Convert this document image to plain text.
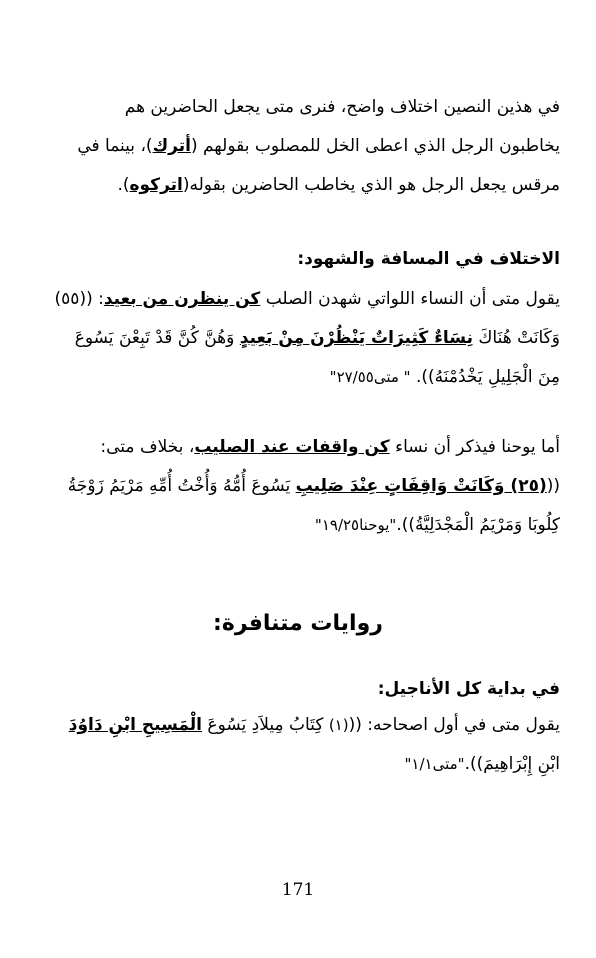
في هذين النصين اختلاف واضح، فنرى متى يجعل الحاضرين هم
يخاطبون الرجل الذي اعطى الخل للمصلوب بقولهم (أترك)، بينما في
مرقس يجعل الرجل هو الذي يخاطب الحاضرين بقوله(اتركوه).
الاختلاف في المسافة والشهود:
يقول متى أن النساء اللواتي شهدن الصلب كن ينظرن من بعيد: ((٥٥)
وَكَانَتْ هُنَاكَ نِسَاءٌ كَثِيرَاتٌ يَنْظُرْنَ مِنْ بَعِيدٍ وَهُنَّ كُنَّ قَدْ تَبِعْنَ يَسُوعَ
مِنَ الْجَلِيلِ يَخْدُمْنَهُ)). " متى٢٧/٥٥"
أما يوحنا فيذكر أن نساء كن واقفات عند الصليب، بخلاف متى:
(((٢٥) وَكَانَتْ وَاقِفَاتٍ عِنْدَ صَلِيبِ يَسُوعَ أُمُّهُ وَأُخْتُ أُمِّهِ مَرْيَمُ زَوْجَةُ
كِلُوبَا وَمَرْيَمُ الْمَجْدَلِيَّةُ))."يوحنا١٩/٢٥"
روايات متنافرة:
في بداية كل الأناجيل:
يقول متى في أول اصحاحه: (((١) كِتَابُ مِيلاَدِ يَسُوعَ الْمَسِيحِ ابْنِ دَاوُدَ
ابْنِ إِبْرَاهِيمَ))."متى١/١"
171
